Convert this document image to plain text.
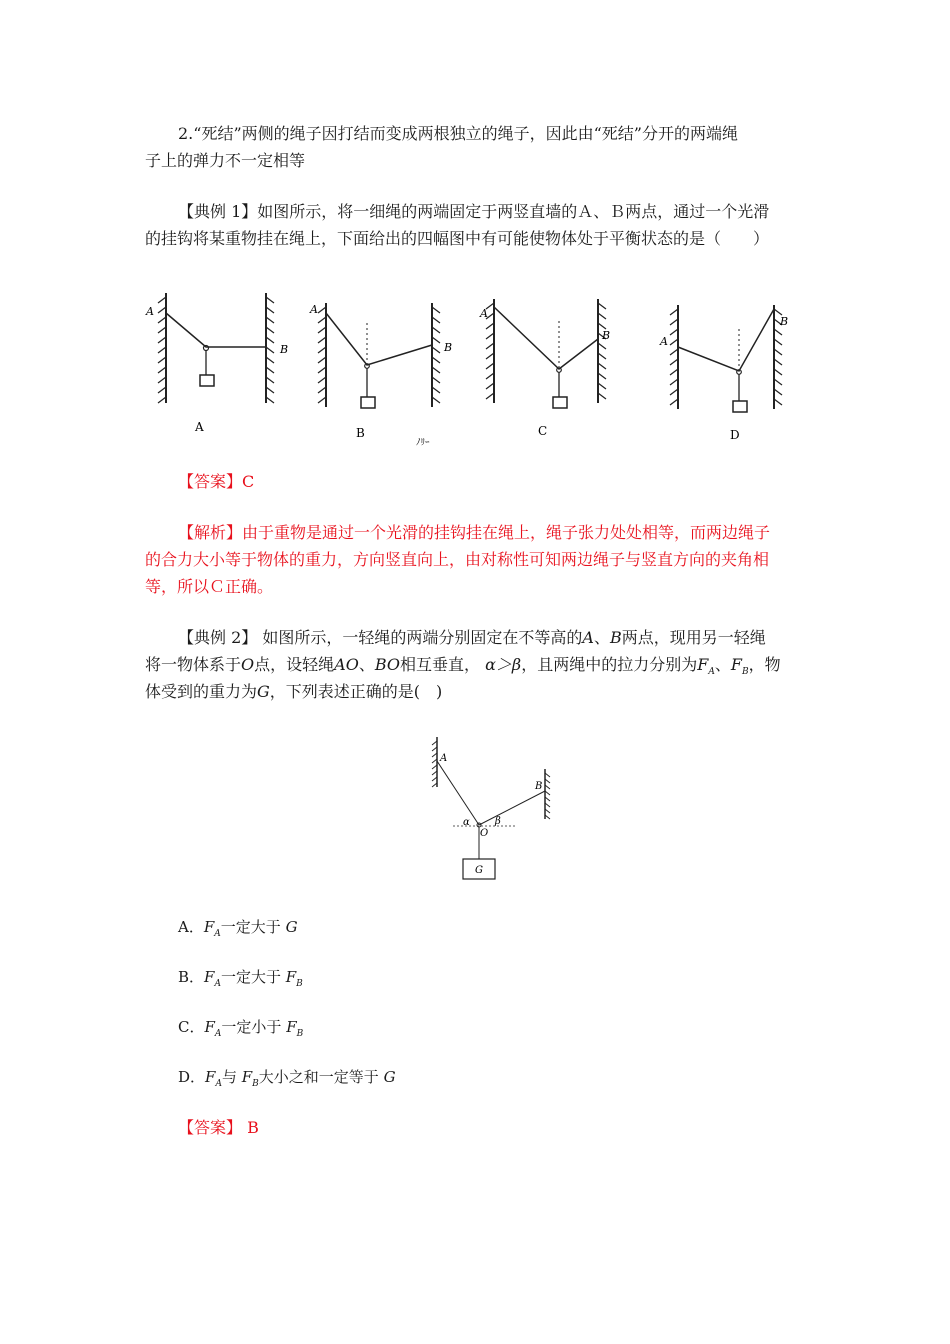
2.“死结”两侧的绳子因打结而变成两根独立的绳子，因此由“死结”分开的两端绳

子上的弹力不一定相等

【典例 1】如图所示，将一细绳的两端固定于两竖直墙的Ａ、Ｂ两点，通过一个光滑

的挂钩将某重物挂在绳上，下面给出的四幅图中有可能使物体处于平衡状态的是（　　）

A
B
A
A
B
B
ﾉﾘｰ
A
B
C
A
B
D

【答案】C

【解析】由于重物是通过一个光滑的挂钩挂在绳上，绳子张力处处相等，而两边绳子

的合力大小等于物体的重力，方向竖直向上，由对称性可知两边绳子与竖直方向的夹角相

等，所以Ｃ正确。

【典例 2】 如图所示，一轻绳的两端分别固定在不等高的A、B两点，现用另一轻绳

将一物体系于O点，设轻绳AO、BO相互垂直， α＞β，且两绳中的拉力分别为$F_A$、$F_B$，物

体受到的重力为G，下列表述正确的是(　)

A
B
O
α	β
G

A．$F_A$一定大于 G

B．$F_A$一定大于 $F_B$

C．$F_A$一定小于 $F_B$

D．$F_A$与 $F_B$大小之和一定等于 G

【答案】 B
